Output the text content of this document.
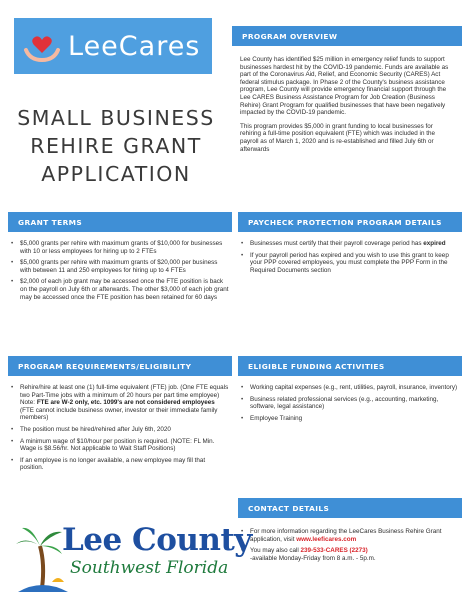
LeeCares
SMALL BUSINESS
REHIRE GRANT
APPLICATION
PROGRAM OVERVIEW

Lee County has identified $25 million in emergency relief funds to support businesses hardest hit by the COVID-19 pandemic. Funds are available as part of the Coronavirus Aid, Relief, and Economic Security (CARES) Act federal stimulus package. In Phase 2 of the County's business assistance program, Lee County will provide emergency financial support through the Lee CARES Business Assistance Program for Job Creation (Business Rehire) Grant Program for qualified businesses that have been negatively impacted by the COVID-19 pandemic.

This program provides $5,000 in grant funding to local businesses for rehiring a full-time position equivalent (FTE) which was included in the payroll as of March 1, 2020 and is re-established and filled July 6th or afterwards

GRANT TERMS
• $5,000 grants per rehire with maximum grants of $10,000 for businesses with 10 or less employees for hiring up to 2 FTEs
• $5,000 grants per rehire with maximum grants of $20,000 per business with between 11 and 250 employees for hiring up to 4 FTEs
• $2,000 of each job grant may be accessed once the FTE position is back on the payroll on July 6th or afterwards. The other $3,000 of each job grant may be accessed once the FTE position has been retained for 60 days
PAYCHECK PROTECTION PROGRAM DETAILS
• Businesses must certify that their payroll coverage period has expired
• If your payroll period has expired and you wish to use this grant to keep your PPP covered employees, you must complete the PPP Form in the Required Documents section
PROGRAM REQUIREMENTS/ELIGIBILITY
• Rehire/hire at least one (1) full-time equivalent (FTE) job. (One FTE equals two Part-Time jobs with a minimum of 20 hours per part time employee) Note: FTE are W-2 only, etc. 1099's are not considered employees (FTE cannot include business owner, investor or their immediate family members)
• The position must be hired/rehired after July 6th, 2020
• A minimum wage of $10/hour per position is required. (NOTE: FL Min. Wage is $8.56/hr. Not applicable to Wait Staff Positions)
• If an employee is no longer available, a new employee may fill that position.
ELIGIBLE FUNDING ACTIVITIES
• Working capital expenses (e.g., rent, utilities, payroll, insurance, inventory)
• Business related professional services (e.g., accounting, marketing, software, legal assistance)
• Employee Training
CONTACT DETAILS
• For more information regarding the LeeCares Business Rehire Grant application, visit www.leeficares.com
• You may also call 239-533-CARES (2273)
-available Monday-Friday from 8 a.m. - 5p.m.
Lee County
Southwest Florida
